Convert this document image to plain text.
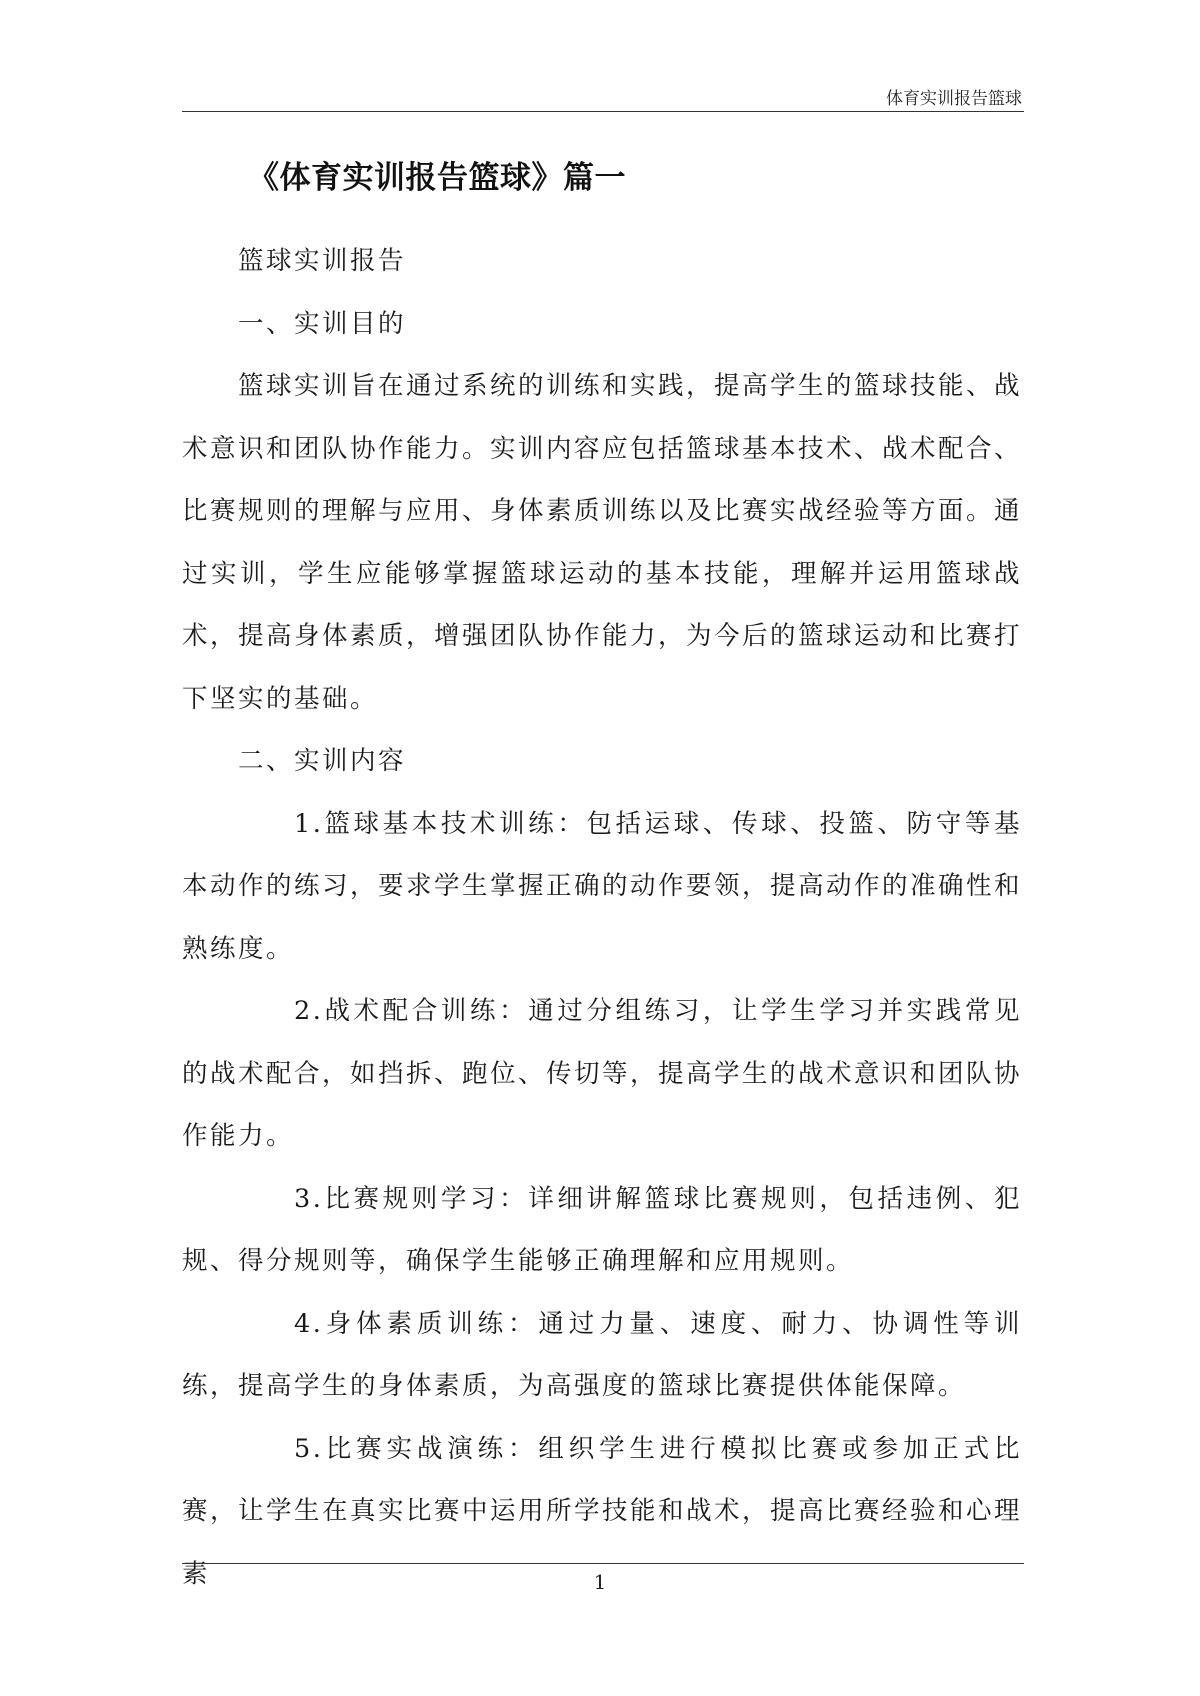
体育实训报告篮球
《体育实训报告篮球》篇一

篮球实训报告

一、实训目的

篮球实训旨在通过系统的训练和实践，提高学生的篮球技能、战术意识和团队协作能力。实训内容应包括篮球基本技术、战术配合、比赛规则的理解与应用、身体素质训练以及比赛实战经验等方面。通过实训，学生应能够掌握篮球运动的基本技能，理解并运用篮球战术，提高身体素质，增强团队协作能力，为今后的篮球运动和比赛打下坚实的基础。

二、实训内容

1.篮球基本技术训练：包括运球、传球、投篮、防守等基本动作的练习，要求学生掌握正确的动作要领，提高动作的准确性和熟练度。

2.战术配合训练：通过分组练习，让学生学习并实践常见的战术配合，如挡拆、跑位、传切等，提高学生的战术意识和团队协作能力。

3.比赛规则学习：详细讲解篮球比赛规则，包括违例、犯规、得分规则等，确保学生能够正确理解和应用规则。

4.身体素质训练：通过力量、速度、耐力、协调性等训练，提高学生的身体素质，为高强度的篮球比赛提供体能保障。

5.比赛实战演练：组织学生进行模拟比赛或参加正式比赛，让学生在真实比赛中运用所学技能和战术，提高比赛经验和心理素	1
